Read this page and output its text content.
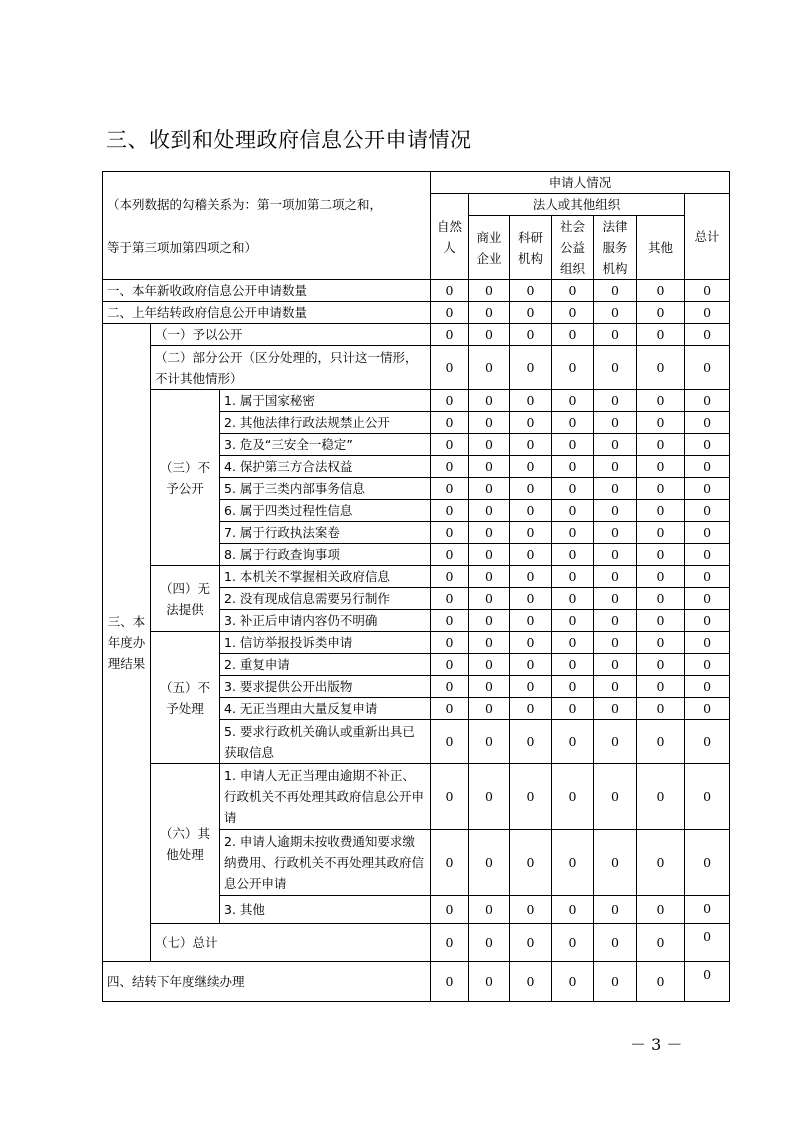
三、收到和处理政府信息公开申请情况
（本列数据的勾稽关系为：第一项加第二项之和，
等于第三项加第四项之和）			申请人情况						
			自然人	法人或其他组织					总计
				商业企业	科研机构	社会公益组织	法律服务机构	其他	
一、本年新收政府信息公开申请数量			0	0	0	0	0	0	0
二、上年结转政府信息公开申请数量			0	0	0	0	0	0	0
三、本年度办理结果	（一）予以公开		0	0	0	0	0	0	0
	（二）部分公开（区分处理的，只计这一情形，不计其他情形）		0	0	0	0	0	0	0
	（三）不予公开	1. 属于国家秘密	0	0	0	0	0	0	0
		2. 其他法律行政法规禁止公开	0	0	0	0	0	0	0
		3. 危及“三安全一稳定”	0	0	0	0	0	0	0
		4. 保护第三方合法权益	0	0	0	0	0	0	0
		5. 属于三类内部事务信息	0	0	0	0	0	0	0
		6. 属于四类过程性信息	0	0	0	0	0	0	0
		7. 属于行政执法案卷	0	0	0	0	0	0	0
		8. 属于行政查询事项	0	0	0	0	0	0	0
	（四）无法提供	1. 本机关不掌握相关政府信息	0	0	0	0	0	0	0
		2. 没有现成信息需要另行制作	0	0	0	0	0	0	0
		3. 补正后申请内容仍不明确	0	0	0	0	0	0	0
	（五）不予处理	1. 信访举报投诉类申请	0	0	0	0	0	0	0
		2. 重复申请	0	0	0	0	0	0	0
		3. 要求提供公开出版物	0	0	0	0	0	0	0
		4. 无正当理由大量反复申请	0	0	0	0	0	0	0
		5. 要求行政机关确认或重新出具已获取信息	0	0	0	0	0	0	0
	（六）其他处理	1. 申请人无正当理由逾期不补正、行政机关不再处理其政府信息公开申请	0	0	0	0	0	0	0
		2. 申请人逾期未按收费通知要求缴纳费用、行政机关不再处理其政府信息公开申请	0	0	0	0	0	0	0
		3. 其他	0	0	0	0	0	0	0
	（七）总计		0	0	0	0	0	0	0
四、结转下年度继续办理			0	0	0	0	0	0	0
－ 3 －
